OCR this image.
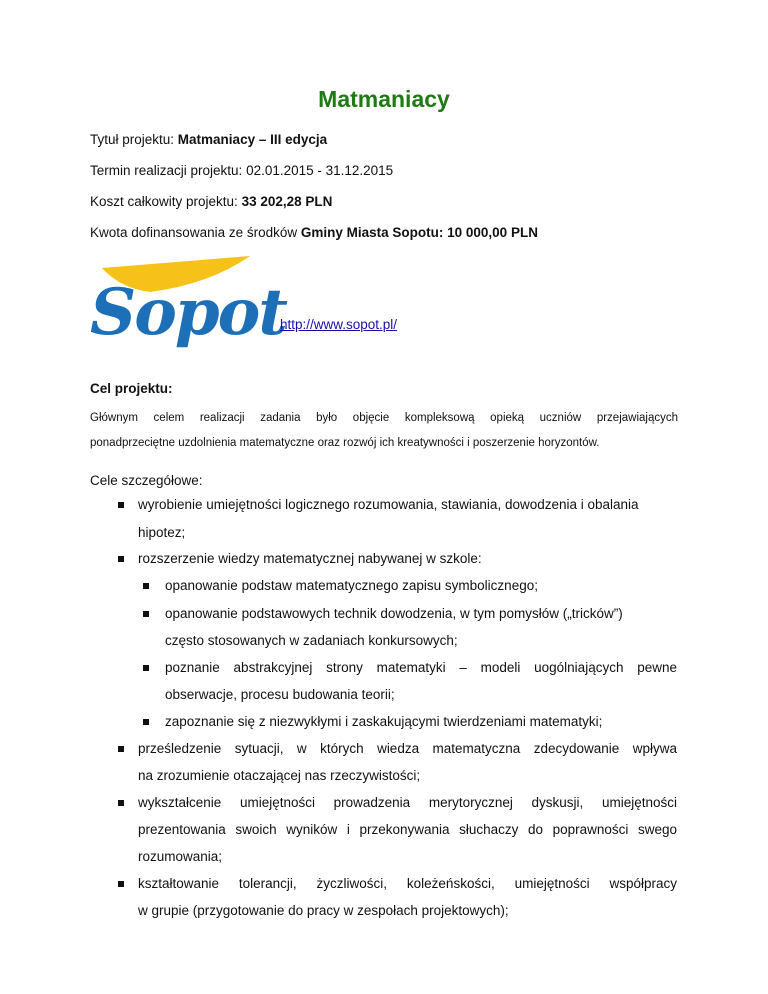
Matmaniacy
Tytuł projektu: Matmaniacy – III edycja
Termin realizacji projektu: 02.01.2015 - 31.12.2015
Koszt całkowity projektu: 33 202,28 PLN
Kwota dofinansowania ze środków Gminy Miasta Sopotu: 10 000,00 PLN
Sopot
http://www.sopot.pl/
Cel projektu:
Głównym celem realizacji zadania było objęcie kompleksową opieką uczniów przejawiających
ponadprzeciętne uzdolnienia matematyczne oraz rozwój ich kreatywności i poszerzenie horyzontów.
Cele szczegółowe:
wyrobienie umiejętności logicznego rozumowania, stawiania, dowodzenia i obalania
hipotez;
rozszerzenie wiedzy matematycznej nabywanej w szkole:
opanowanie podstaw matematycznego zapisu symbolicznego;
opanowanie podstawowych technik dowodzenia, w tym pomysłów („tricków”)
często stosowanych w zadaniach konkursowych;
poznanie abstrakcyjnej strony matematyki – modeli uogólniających pewne
obserwacje, procesu budowania teorii;
zapoznanie się z niezwykłymi i zaskakującymi twierdzeniami matematyki;
prześledzenie sytuacji, w których wiedza matematyczna zdecydowanie wpływa
na zrozumienie otaczającej nas rzeczywistości;
wykształcenie umiejętności prowadzenia merytorycznej dyskusji, umiejętności
prezentowania swoich wyników i przekonywania słuchaczy do poprawności swego
rozumowania;
kształtowanie tolerancji, życzliwości, koleżeńskości, umiejętności współpracy
w grupie (przygotowanie do pracy w zespołach projektowych);
